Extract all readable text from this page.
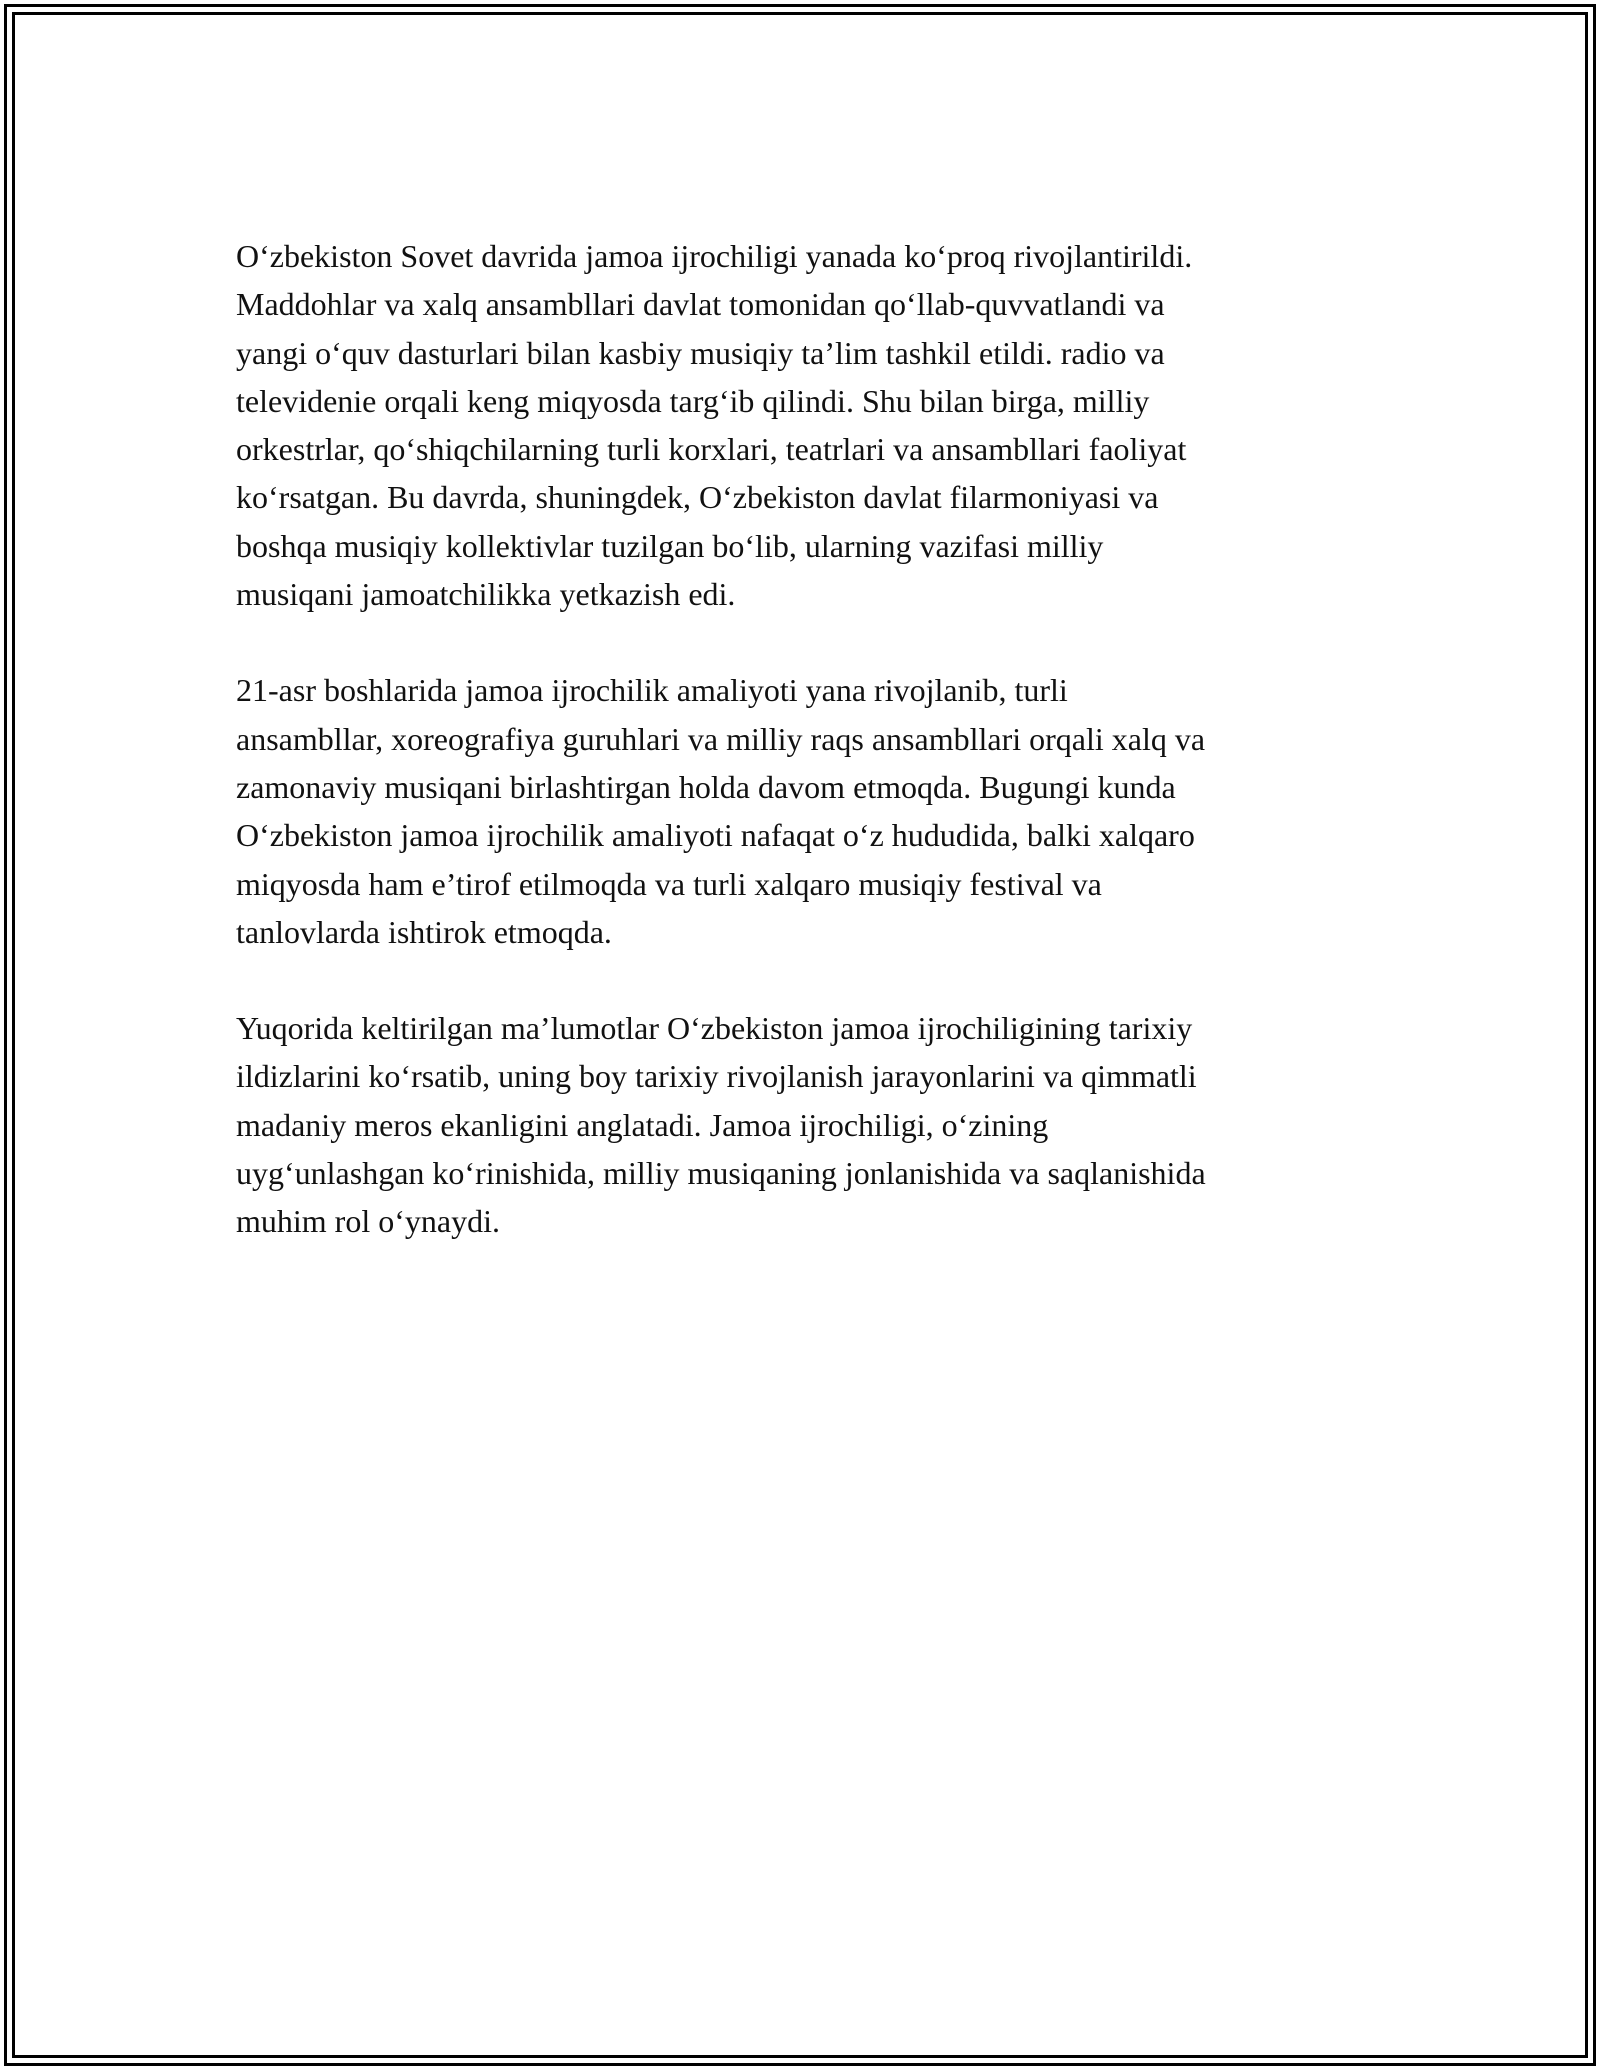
O‘zbekiston Sovet davrida jamoa ijrochiligi yanada ko‘proq rivojlantirildi.
Maddohlar va xalq ansambllari davlat tomonidan qo‘llab-quvvatlandi va
yangi o‘quv dasturlari bilan kasbiy musiqiy ta’lim tashkil etildi. radio va
televidenie orqali keng miqyosda targ‘ib qilindi. Shu bilan birga, milliy
orkestrlar, qo‘shiqchilarning turli korxlari, teatrlari va ansambllari faoliyat
ko‘rsatgan. Bu davrda, shuningdek, O‘zbekiston davlat filarmoniyasi va
boshqa musiqiy kollektivlar tuzilgan bo‘lib, ularning vazifasi milliy
musiqani jamoatchilikka yetkazish edi.

21-asr boshlarida jamoa ijrochilik amaliyoti yana rivojlanib, turli
ansambllar, xoreografiya guruhlari va milliy raqs ansambllari orqali xalq va
zamonaviy musiqani birlashtirgan holda davom etmoqda. Bugungi kunda
O‘zbekiston jamoa ijrochilik amaliyoti nafaqat o‘z hududida, balki xalqaro
miqyosda ham e’tirof etilmoqda va turli xalqaro musiqiy festival va
tanlovlarda ishtirok etmoqda.

Yuqorida keltirilgan ma’lumotlar O‘zbekiston jamoa ijrochiligining tarixiy
ildizlarini ko‘rsatib, uning boy tarixiy rivojlanish jarayonlarini va qimmatli
madaniy meros ekanligini anglatadi. Jamoa ijrochiligi, o‘zining
uyg‘unlashgan ko‘rinishida, milliy musiqaning jonlanishida va saqlanishida
muhim rol o‘ynaydi.
